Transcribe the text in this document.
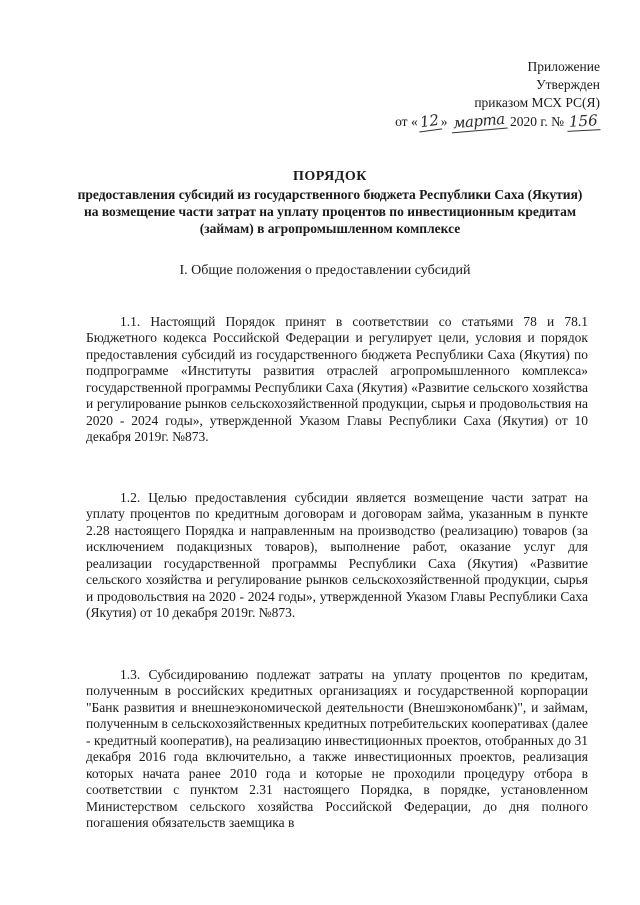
Приложение
Утвержден
приказом МСХ РС(Я)
от «12» марта 2020 г. № 156
ПОРЯДОК
предоставления субсидий из государственного бюджета Республики Саха (Якутия) на возмещение части затрат на уплату процентов по инвестиционным кредитам (займам) в агропромышленном комплексе
I. Общие положения о предоставлении субсидий

1.1. Настоящий Порядок принят в соответствии со статьями 78 и 78.1 Бюджетного кодекса Российской Федерации и регулирует цели, условия и порядок предоставления субсидий из государственного бюджета Республики Саха (Якутия) по подпрограмме «Институты развития отраслей агропромышленного комплекса» государственной программы Республики Саха (Якутия) «Развитие сельского хозяйства и регулирование рынков сельскохозяйственной продукции, сырья и продовольствия на 2020 - 2024 годы», утвержденной Указом Главы Республики Саха (Якутия) от 10 декабря 2019г. №873.

1.2. Целью предоставления субсидии является возмещение части затрат на уплату процентов по кредитным договорам и договорам займа, указанным в пункте 2.28 настоящего Порядка и направленным на производство (реализацию) товаров (за исключением подакцизных товаров), выполнение работ, оказание услуг для реализации государственной программы Республики Саха (Якутия) «Развитие сельского хозяйства и регулирование рынков сельскохозяйственной продукции, сырья и продовольствия на 2020 - 2024 годы», утвержденной Указом Главы Республики Саха (Якутия) от 10 декабря 2019г. №873.

1.3. Субсидированию подлежат затраты на уплату процентов по кредитам, полученным в российских кредитных организациях и государственной корпорации "Банк развития и внешнеэкономической деятельности (Внешэкономбанк)", и займам, полученным в сельскохозяйственных кредитных потребительских кооперативах (далее - кредитный кооператив), на реализацию инвестиционных проектов, отобранных до 31 декабря 2016 года включительно, а также инвестиционных проектов, реализация которых начата ранее 2010 года и которые не проходили процедуру отбора в соответствии с пунктом 2.31 настоящего Порядка, в порядке, установленном Министерством сельского хозяйства Российской Федерации, до дня полного погашения обязательств заемщика в
